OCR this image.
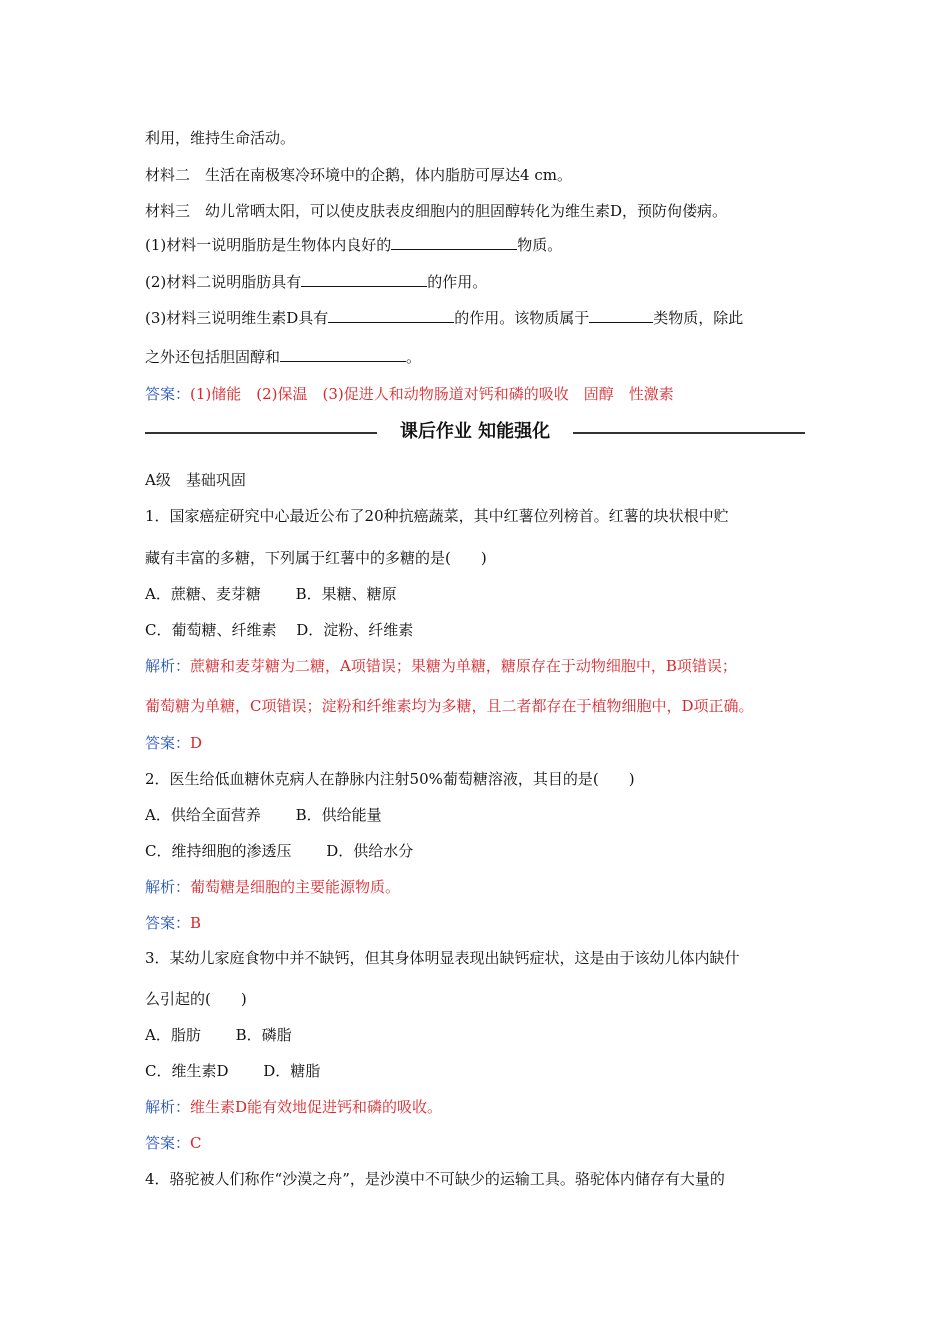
利用，维持生命活动。
材料二　生活在南极寒冷环境中的企鹅，体内脂肪可厚达4 cm。
材料三　幼儿常晒太阳，可以使皮肤表皮细胞内的胆固醇转化为维生素D，预防佝偻病。
(1)材料一说明脂肪是生物体内良好的	物质。
(2)材料二说明脂肪具有	的作用。
(3)材料三说明维生素D具有	的作用。该物质属于	类物质，除此
之外还包括胆固醇和	。
答案：(1)储能　(2)保温　(3)促进人和动物肠道对钙和磷的吸收　固醇　性激素
课后作业 知能强化
A级　基础巩固
1．国家癌症研究中心最近公布了20种抗癌蔬菜，其中红薯位列榜首。红薯的块状根中贮
藏有丰富的多糖，下列属于红薯中的多糖的是(　　)
A．蔗糖、麦芽糖　　 B．果糖、糖原
C．葡萄糖、纤维素　 D．淀粉、纤维素
解析：蔗糖和麦芽糖为二糖，A项错误；果糖为单糖，糖原存在于动物细胞中，B项错误；
葡萄糖为单糖，C项错误；淀粉和纤维素均为多糖，且二者都存在于植物细胞中，D项正确。
答案：D
2．医生给低血糖休克病人在静脉内注射50%葡萄糖溶液，其目的是(　　)
A．供给全面营养　　 B．供给能量
C．维持细胞的渗透压　　 D．供给水分
解析：葡萄糖是细胞的主要能源物质。
答案：B
3．某幼儿家庭食物中并不缺钙，但其身体明显表现出缺钙症状，这是由于该幼儿体内缺什
么引起的(　　)
A．脂肪　　 B．磷脂
C．维生素D　　 D．糖脂
解析：维生素D能有效地促进钙和磷的吸收。
答案：C
4．骆驼被人们称作“沙漠之舟”，是沙漠中不可缺少的运输工具。骆驼体内储存有大量的
